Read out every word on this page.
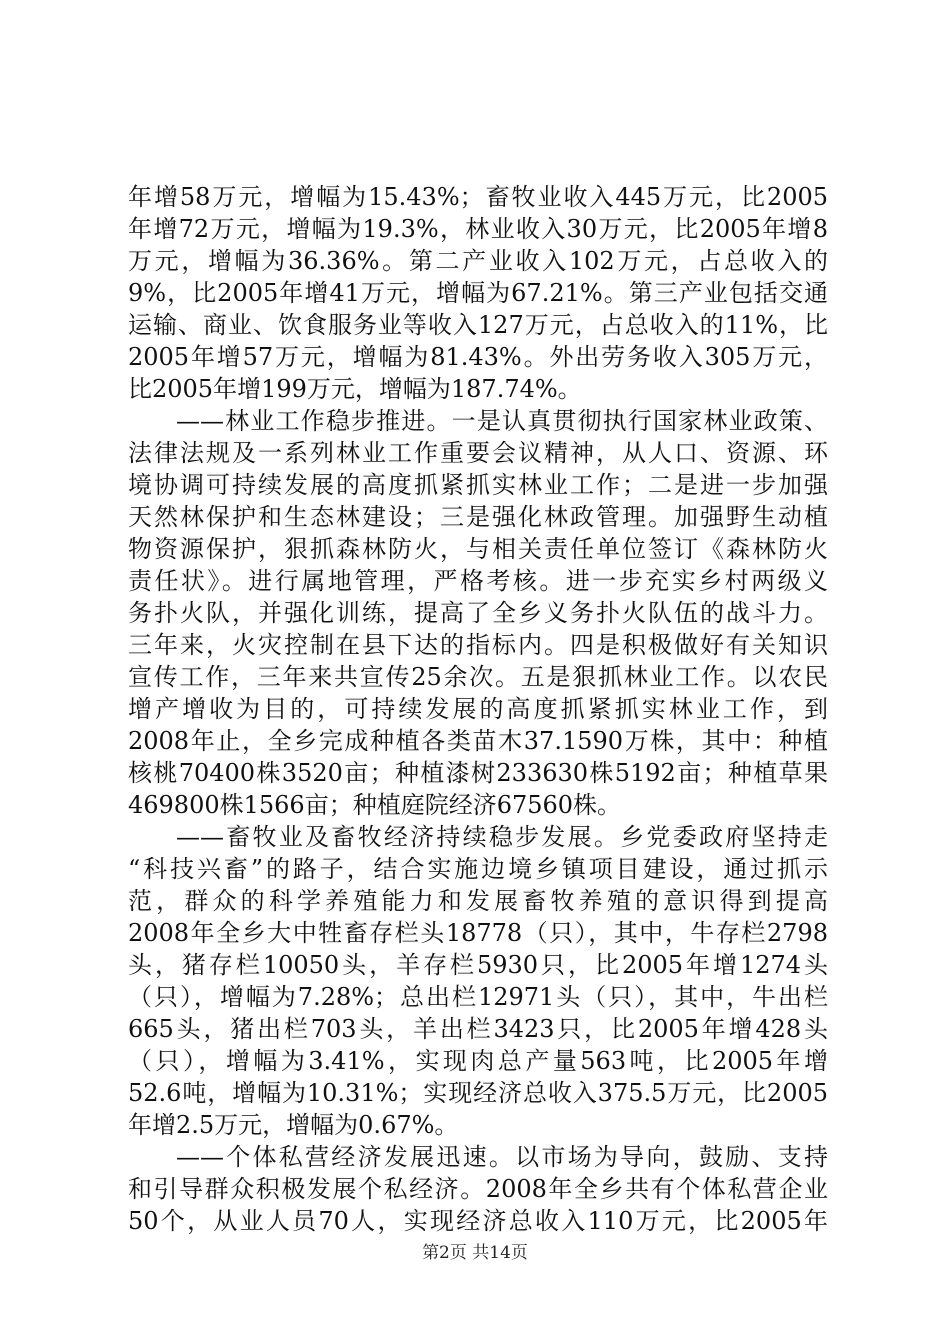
年增58万元，增幅为15.43%；畜牧业收入445万元，比2005
年增72万元，增幅为19.3%，林业收入30万元，比2005年增8
万元，增幅为36.36%。第二产业收入102万元，占总收入的
9%，比2005年增41万元，增幅为67.21%。第三产业包括交通
运输、商业、饮食服务业等收入127万元，占总收入的11%，比
2005年增57万元，增幅为81.43%。外出劳务收入305万元，
比2005年增199万元，增幅为187.74%。
——林业工作稳步推进。一是认真贯彻执行国家林业政策、
法律法规及一系列林业工作重要会议精神，从人口、资源、环
境协调可持续发展的高度抓紧抓实林业工作；二是进一步加强
天然林保护和生态林建设；三是强化林政管理。加强野生动植
物资源保护，狠抓森林防火，与相关责任单位签订《森林防火
责任状》。进行属地管理，严格考核。进一步充实乡村两级义
务扑火队，并强化训练，提高了全乡义务扑火队伍的战斗力。
三年来，火灾控制在县下达的指标内。四是积极做好有关知识
宣传工作，三年来共宣传25余次。五是狠抓林业工作。以农民
增产增收为目的，可持续发展的高度抓紧抓实林业工作，到
2008年止，全乡完成种植各类苗木37.1590万株，其中：种植
核桃70400株3520亩；种植漆树233630株5192亩；种植草果
469800株1566亩；种植庭院经济67560株。
——畜牧业及畜牧经济持续稳步发展。乡党委政府坚持走
“科技兴畜”的路子，结合实施边境乡镇项目建设，通过抓示
范，群众的科学养殖能力和发展畜牧养殖的意识得到提高
2008年全乡大中牲畜存栏头18778（只），其中，牛存栏2798
头，猪存栏10050头，羊存栏5930只，比2005年增1274头
（只），增幅为7.28%；总出栏12971头（只），其中，牛出栏
665头，猪出栏703头，羊出栏3423只，比2005年增428头
（只），增幅为3.41%，实现肉总产量563吨，比2005年增
52.6吨，增幅为10.31%；实现经济总收入375.5万元，比2005
年增2.5万元，增幅为0.67%。
——个体私营经济发展迅速。以市场为导向，鼓励、支持
和引导群众积极发展个私经济。2008年全乡共有个体私营企业
50个，从业人员70人，实现经济总收入110万元，比2005年
第2页 共14页
